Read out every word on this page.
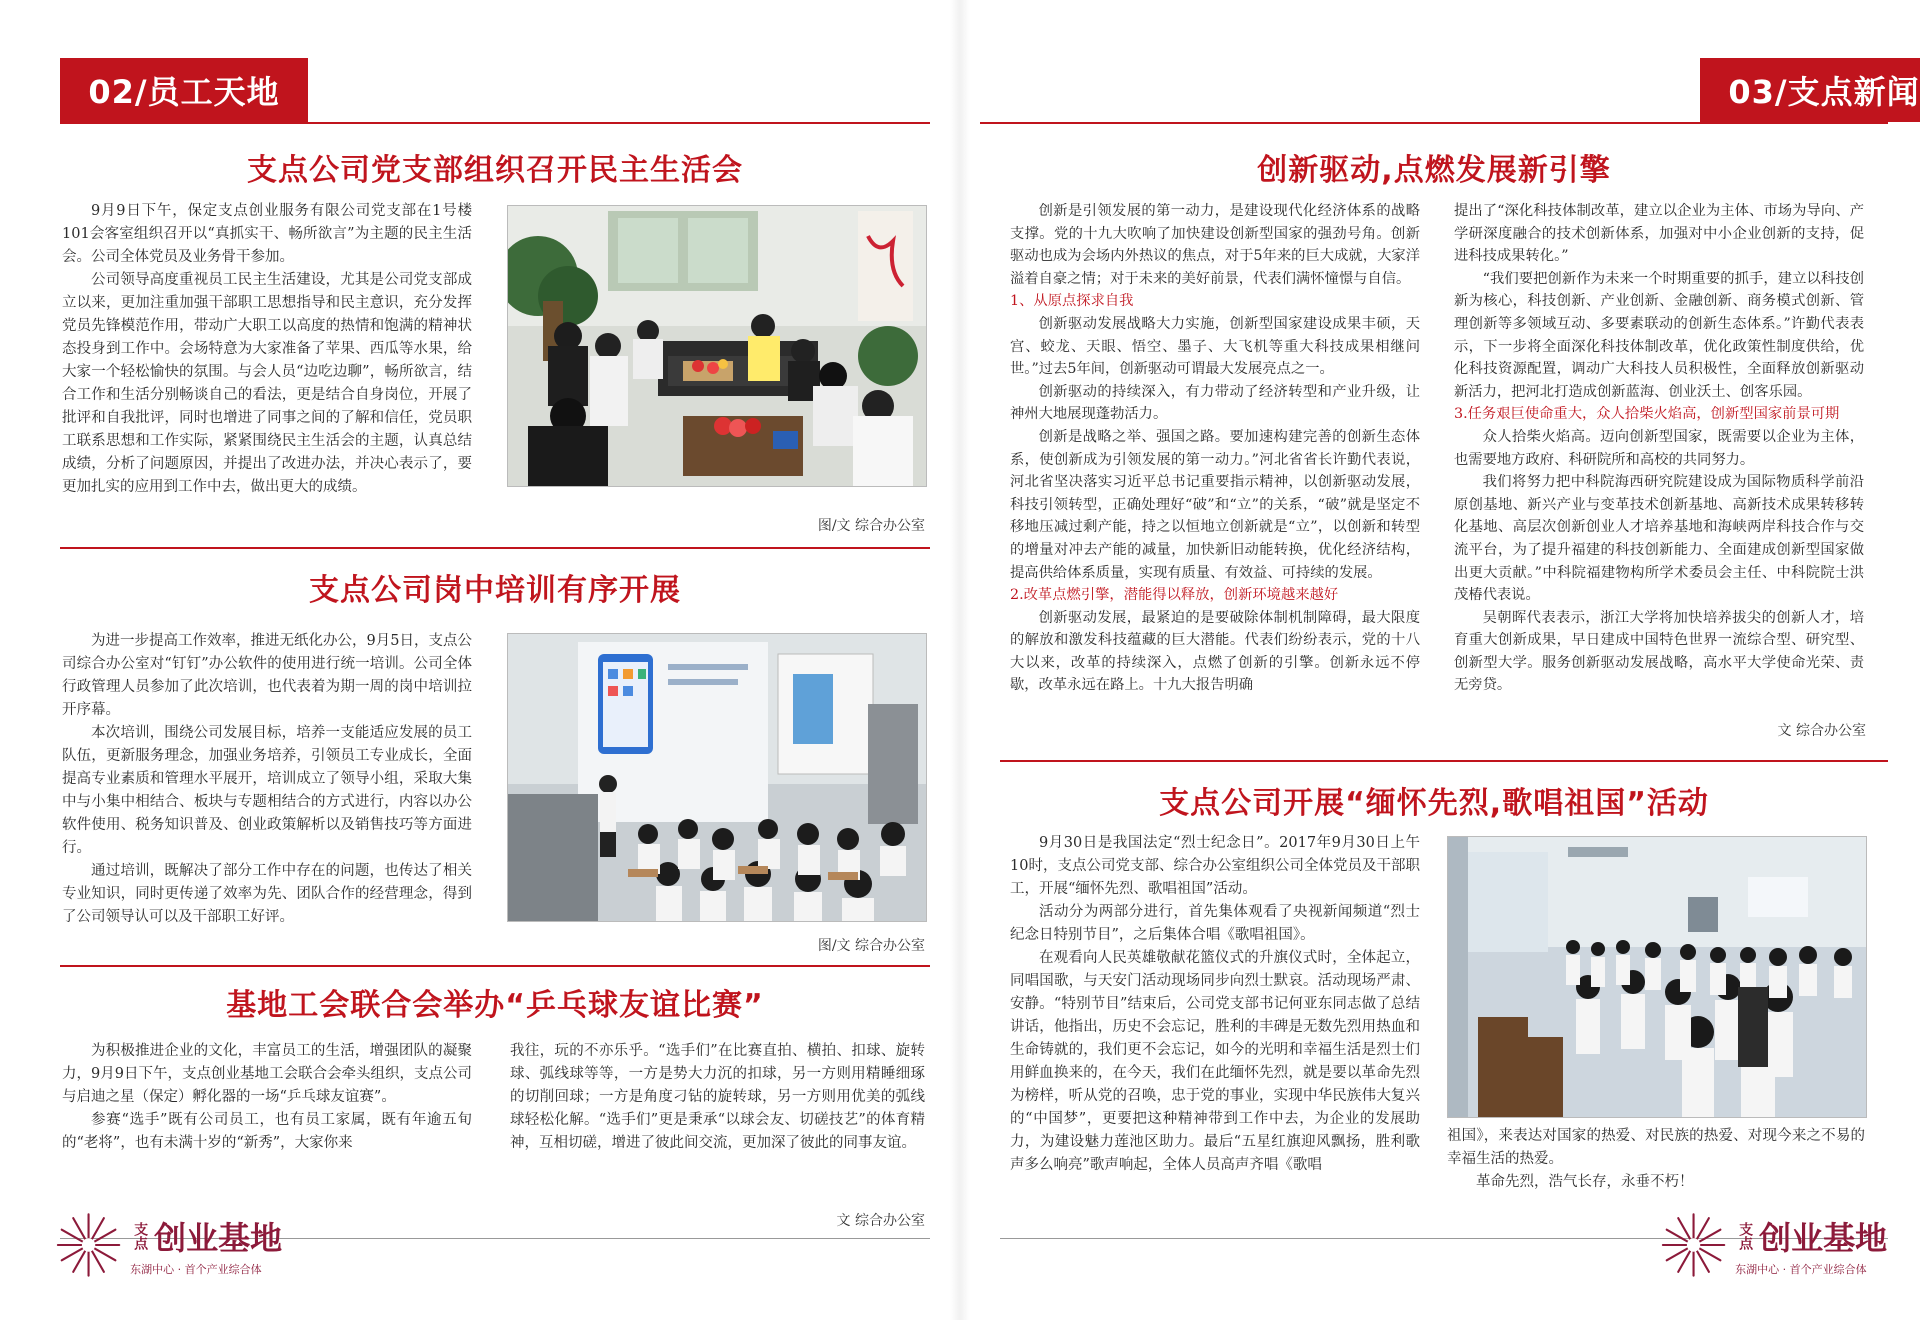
02/员工天地
支点公司党支部组织召开民主生活会

9月9日下午，保定支点创业服务有限公司党支部在1号楼101会客室组织召开以“真抓实干、畅所欲言”为主题的民主生活会。公司全体党员及业务骨干参加。

公司领导高度重视员工民主生活建设，尤其是公司党支部成立以来，更加注重加强干部职工思想指导和民主意识，充分发挥党员先锋模范作用，带动广大职工以高度的热情和饱满的精神状态投身到工作中。会场特意为大家准备了苹果、西瓜等水果，给大家一个轻松愉快的氛围。与会人员“边吃边聊”，畅所欲言，结合工作和生活分别畅谈自己的看法，更是结合自身岗位，开展了批评和自我批评，同时也增进了同事之间的了解和信任，党员职工联系思想和工作实际，紧紧围绕民主生活会的主题，认真总结成绩，分析了问题原因，并提出了改进办法，并决心表示了，要更加扎实的应用到工作中去，做出更大的成绩。

图/文 综合办公室
支点公司岗中培训有序开展

为进一步提高工作效率，推进无纸化办公，9月5日，支点公司综合办公室对“钉钉”办公软件的使用进行统一培训。公司全体行政管理人员参加了此次培训，也代表着为期一周的岗中培训拉开序幕。

本次培训，围绕公司发展目标，培养一支能适应发展的员工队伍，更新服务理念，加强业务培养，引领员工专业成长，全面提高专业素质和管理水平展开，培训成立了领导小组，采取大集中与小集中相结合、板块与专题相结合的方式进行，内容以办公软件使用、税务知识普及、创业政策解析以及销售技巧等方面进行。

通过培训，既解决了部分工作中存在的问题，也传达了相关专业知识，同时更传递了效率为先、团队合作的经营理念，得到了公司领导认可以及干部职工好评。

图/文 综合办公室
基地工会联合会举办“乒乓球友谊比赛”

为积极推进企业的文化，丰富员工的生活，增强团队的凝聚力，9月9日下午，支点创业基地工会联合会牵头组织，支点公司与启迪之星（保定）孵化器的一场“乒乓球友谊赛”。

参赛“选手”既有公司员工，也有员工家属，既有年逾五旬的“老将”，也有未满十岁的“新秀”，大家你来

我往，玩的不亦乐乎。“选手们”在比赛直拍、横拍、扣球、旋转球、弧线球等等，一方是势大力沉的扣球，另一方则用精睡细琢的切削回球；一方是角度刁钻的旋转球，另一方则用优美的弧线球轻松化解。“选手们”更是秉承“以球会友、切磋技艺”的体育精神，互相切磋，增进了彼此间交流，更加深了彼此的同事友谊。

文 综合办公室
支点 创业基地
东湖中心 · 首个产业综合体
03/支点新闻
创新驱动,点燃发展新引擎

创新是引领发展的第一动力，是建设现代化经济体系的战略支撑。党的十九大吹响了加快建设创新型国家的强劲号角。创新驱动也成为会场内外热议的焦点，对于5年来的巨大成就，大家洋溢着自豪之情；对于未来的美好前景，代表们满怀憧憬与自信。

1、从原点探求自我

创新驱动发展战略大力实施，创新型国家建设成果丰硕，天宫、蛟龙、天眼、悟空、墨子、大飞机等重大科技成果相继问世。”过去5年间，创新驱动可谓最大发展亮点之一。

创新驱动的持续深入，有力带动了经济转型和产业升级，让神州大地展现蓬勃活力。

创新是战略之举、强国之路。要加速构建完善的创新生态体系，使创新成为引领发展的第一动力。”河北省省长许勤代表说，河北省坚决落实习近平总书记重要指示精神，以创新驱动发展，科技引领转型，正确处理好“破”和“立”的关系，“破”就是坚定不移地压减过剩产能，持之以恒地立创新就是“立”，以创新和转型的增量对冲去产能的减量，加快新旧动能转换，优化经济结构，提高供给体系质量，实现有质量、有效益、可持续的发展。

2.改革点燃引擎，潜能得以释放，创新环境越来越好

创新驱动发展，最紧迫的是要破除体制机制障碍，最大限度的解放和激发科技蕴藏的巨大潜能。代表们纷纷表示，党的十八大以来，改革的持续深入，点燃了创新的引擎。创新永远不停歇，改革永远在路上。十九大报告明确

提出了“深化科技体制改革，建立以企业为主体、市场为导向、产学研深度融合的技术创新体系，加强对中小企业创新的支持，促进科技成果转化。”

“我们要把创新作为未来一个时期重要的抓手，建立以科技创新为核心，科技创新、产业创新、金融创新、商务模式创新、管理创新等多领域互动、多要素联动的创新生态体系。”许勤代表表示，下一步将全面深化科技体制改革，优化政策性制度供给，优化科技资源配置，调动广大科技人员积极性，全面释放创新驱动新活力，把河北打造成创新蓝海、创业沃土、创客乐园。

3.任务艰巨使命重大，众人拾柴火焰高，创新型国家前景可期

众人拾柴火焰高。迈向创新型国家，既需要以企业为主体，也需要地方政府、科研院所和高校的共同努力。

我们将努力把中科院海西研究院建设成为国际物质科学前沿原创基地、新兴产业与变革技术创新基地、高新技术成果转移转化基地、高层次创新创业人才培养基地和海峡两岸科技合作与交流平台，为了提升福建的科技创新能力、全面建成创新型国家做出更大贡献。”中科院福建物构所学术委员会主任、中科院院士洪茂椿代表说。

吴朝晖代表表示，浙江大学将加快培养拔尖的创新人才，培育重大创新成果，早日建成中国特色世界一流综合型、研究型、创新型大学。服务创新驱动发展战略，高水平大学使命光荣、责无旁贷。

文 综合办公室
支点公司开展“缅怀先烈,歌唱祖国”活动

9月30日是我国法定“烈士纪念日”。2017年9月30日上午10时，支点公司党支部、综合办公室组织公司全体党员及干部职工，开展“缅怀先烈、歌唱祖国”活动。

活动分为两部分进行，首先集体观看了央视新闻频道“烈士纪念日特别节目”，之后集体合唱《歌唱祖国》。

在观看向人民英雄敬献花篮仪式的升旗仪式时，全体起立，同唱国歌，与天安门活动现场同步向烈士默哀。活动现场严肃、安静。“特别节目”结束后，公司党支部书记何亚东同志做了总结讲话，他指出，历史不会忘记，胜利的丰碑是无数先烈用热血和生命铸就的，我们更不会忘记，如今的光明和幸福生活是烈士们用鲜血换来的，在今天，我们在此缅怀先烈，就是要以革命先烈为榜样，听从党的召唤，忠于党的事业，实现中华民族伟大复兴的“中国梦”，更要把这种精神带到工作中去，为企业的发展助力，为建设魅力莲池区助力。最后“五星红旗迎风飘扬，胜利歌声多么响亮”歌声响起，全体人员高声齐唱《歌唱

祖国》，来表达对国家的热爱、对民族的热爱、对现今来之不易的幸福生活的热爱。

革命先烈，浩气长存，永垂不朽！

支点 创业基地
东湖中心 · 首个产业综合体
